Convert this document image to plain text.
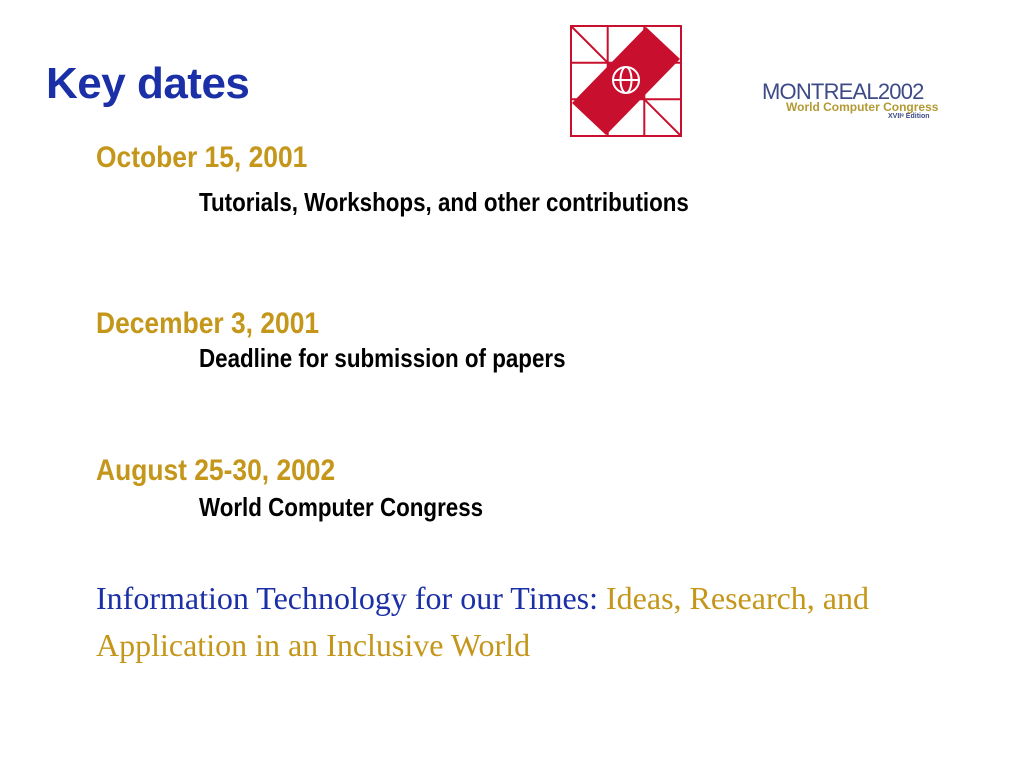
Key dates	MONTREAL2002
World Computer Congress
XVIIᵉ Edition
October 15, 2001
Tutorials, Workshops, and other contributions
December 3, 2001
Deadline for submission of papers
August 25-30, 2002
World Computer Congress
Information Technology for our Times: Ideas, Research, and Application in an Inclusive World
